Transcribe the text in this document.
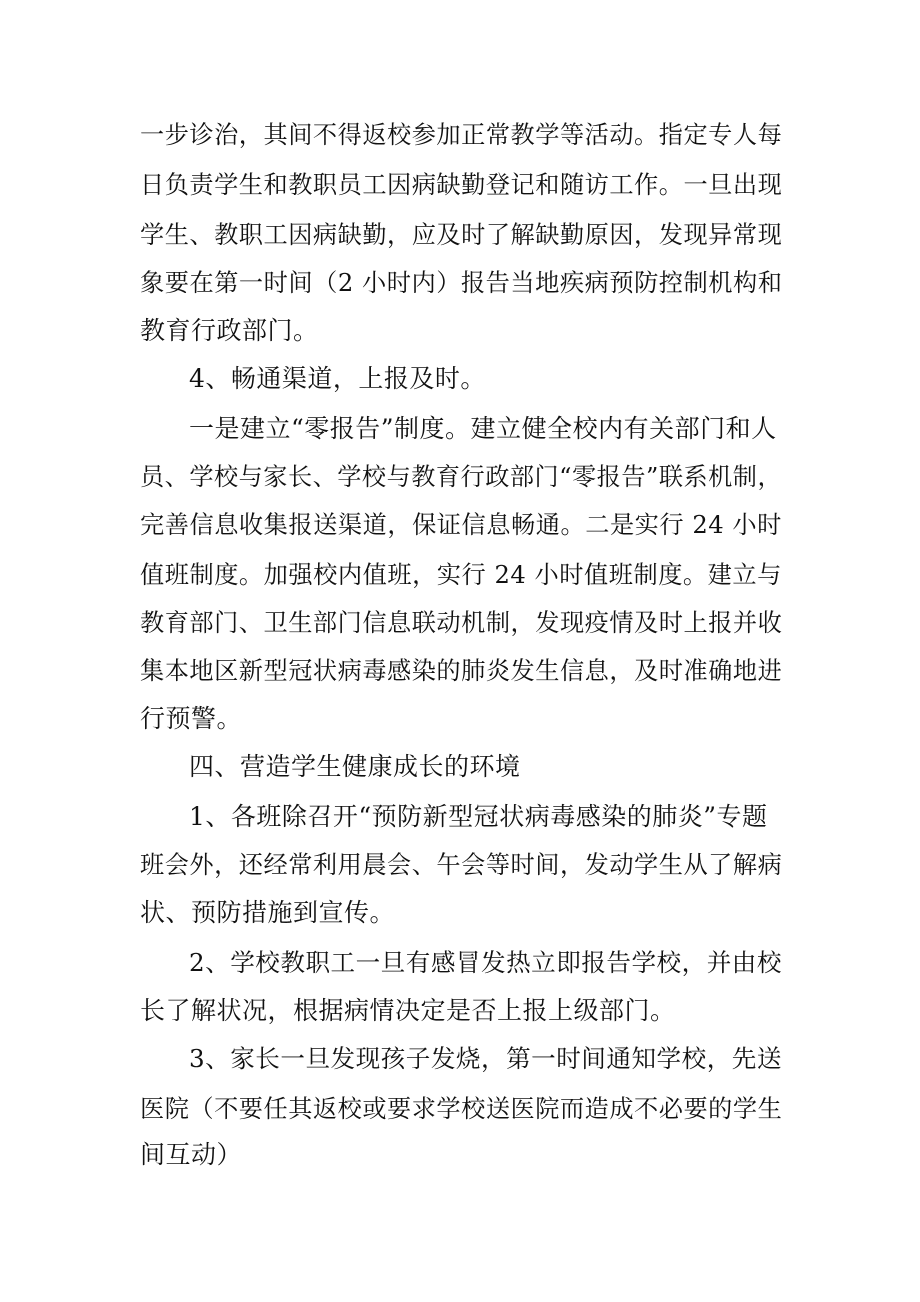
一步诊治，其间不得返校参加正常教学等活动。指定专人每
日负责学生和教职员工因病缺勤登记和随访工作。一旦出现
学生、教职工因病缺勤，应及时了解缺勤原因，发现异常现
象要在第一时间（2 小时内）报告当地疾病预防控制机构和
教育行政部门。
4、畅通渠道，上报及时。
一是建立“零报告”制度。建立健全校内有关部门和人
员、学校与家长、学校与教育行政部门“零报告”联系机制，
完善信息收集报送渠道，保证信息畅通。二是实行 24 小时
值班制度。加强校内值班，实行 24 小时值班制度。建立与
教育部门、卫生部门信息联动机制，发现疫情及时上报并收
集本地区新型冠状病毒感染的肺炎发生信息，及时准确地进
行预警。
四、营造学生健康成长的环境
1、各班除召开“预防新型冠状病毒感染的肺炎”专题
班会外，还经常利用晨会、午会等时间，发动学生从了解病
状、预防措施到宣传。
2、学校教职工一旦有感冒发热立即报告学校，并由校
长了解状况，根据病情决定是否上报上级部门。
3、家长一旦发现孩子发烧，第一时间通知学校，先送
医院（不要任其返校或要求学校送医院而造成不必要的学生
间互动）
